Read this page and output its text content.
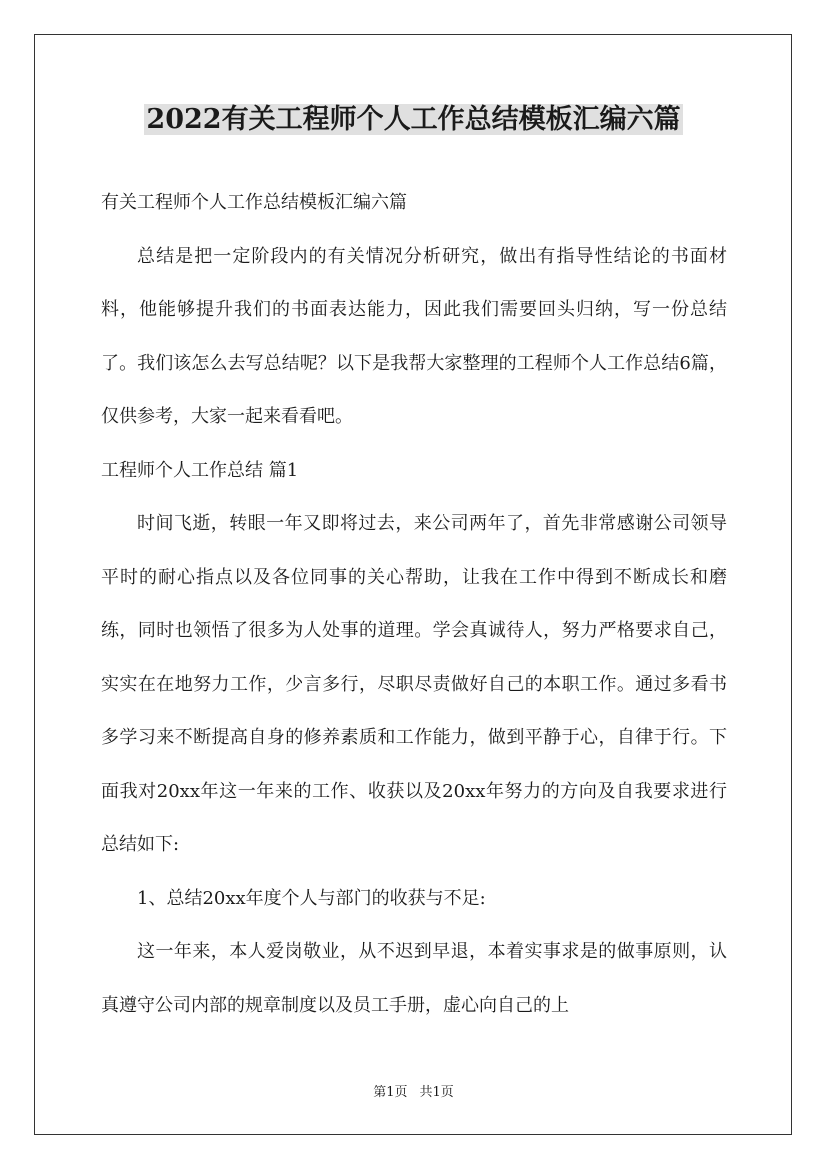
2022有关工程师个人工作总结模板汇编六篇

有关工程师个人工作总结模板汇编六篇

总结是把一定阶段内的有关情况分析研究，做出有指导性结论的书面材料，他能够提升我们的书面表达能力，因此我们需要回头归纳，写一份总结了。我们该怎么去写总结呢？以下是我帮大家整理的工程师个人工作总结6篇，仅供参考，大家一起来看看吧。

工程师个人工作总结 篇1

时间飞逝，转眼一年又即将过去，来公司两年了，首先非常感谢公司领导平时的耐心指点以及各位同事的关心帮助，让我在工作中得到不断成长和磨练，同时也领悟了很多为人处事的道理。学会真诚待人，努力严格要求自己，实实在在地努力工作，少言多行，尽职尽责做好自己的本职工作。通过多看书多学习来不断提高自身的修养素质和工作能力，做到平静于心，自律于行。下面我对20xx年这一年来的工作、收获以及20xx年努力的方向及自我要求进行总结如下:

1、总结20xx年度个人与部门的收获与不足:

这一年来，本人爱岗敬业，从不迟到早退，本着实事求是的做事原则，认真遵守公司内部的规章制度以及员工手册，虚心向自己的上

第1页 共1页
